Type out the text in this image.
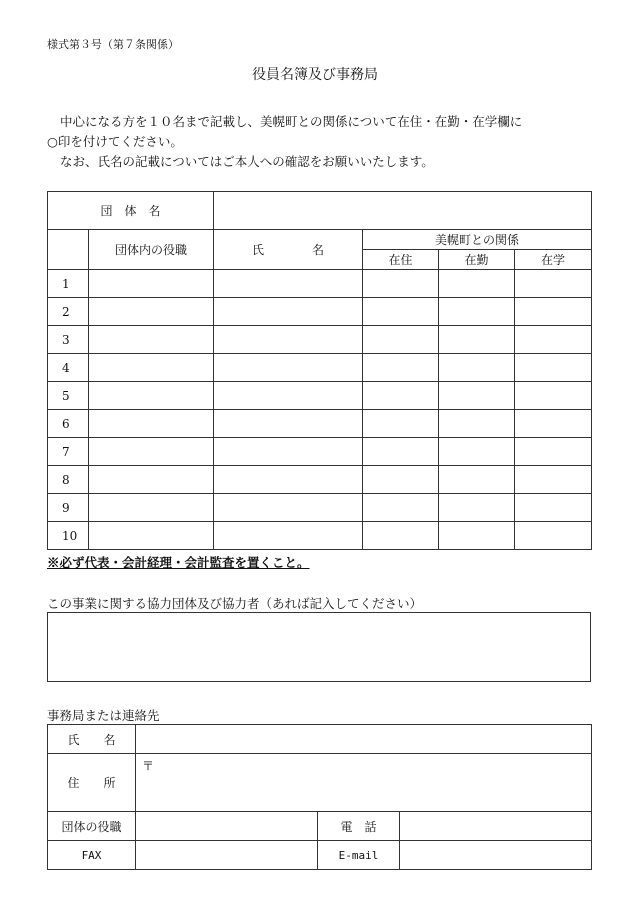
様式第３号（第７条関係）
役員名簿及び事務局

中心になる方を１０名まで記載し、美幌町との関係について在住・在勤・在学欄に

○印を付けてください。

なお、氏名の記載についてはご本人への確認をお願いいたします。

団　体　名					
	団体内の役職	氏　　　　名	美幌町との関係		
			在住	在勤	在学
1					
2					
3					
4					
5					
6					
7					
8					
9					
10					
※必ず代表・会計経理・会計監査を置くこと。
この事業に関する協力団体及び協力者（あれば記入してください）
事務局または連絡先
氏　　名			
住　　所	〒		
団体の役職		電　話	
FAX		E-mail	
